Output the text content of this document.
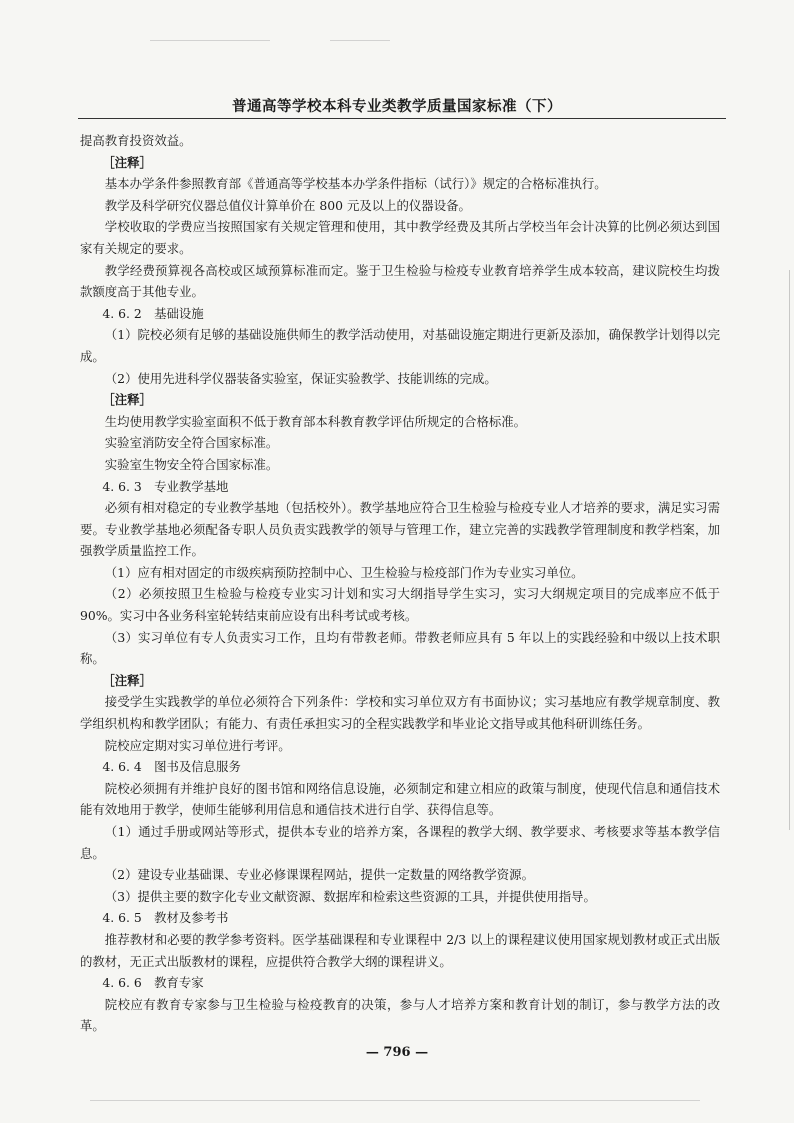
普通高等学校本科专业类教学质量国家标准（下）

提高教育投资效益。

［注释］

基本办学条件参照教育部《普通高等学校基本办学条件指标（试行）》规定的合格标准执行。

教学及科学研究仪器总值仪计算单价在 800 元及以上的仪器设备。

学校收取的学费应当按照国家有关规定管理和使用，其中教学经费及其所占学校当年会计决算的比例必须达到国家有关规定的要求。

教学经费预算视各高校或区域预算标准而定。鉴于卫生检验与检疫专业教育培养学生成本较高，建议院校生均拨款额度高于其他专业。

4. 6. 2　基础设施

（1）院校必须有足够的基础设施供师生的教学活动使用，对基础设施定期进行更新及添加，确保教学计划得以完成。

（2）使用先进科学仪器装备实验室，保证实验教学、技能训练的完成。

［注释］

生均使用教学实验室面积不低于教育部本科教育教学评估所规定的合格标准。

实验室消防安全符合国家标准。

实验室生物安全符合国家标准。

4. 6. 3　专业教学基地

必须有相对稳定的专业教学基地（包括校外）。教学基地应符合卫生检验与检疫专业人才培养的要求，满足实习需要。专业教学基地必须配备专职人员负责实践教学的领导与管理工作，建立完善的实践教学管理制度和教学档案，加强教学质量监控工作。

（1）应有相对固定的市级疾病预防控制中心、卫生检验与检疫部门作为专业实习单位。

（2）必须按照卫生检验与检疫专业实习计划和实习大纲指导学生实习，实习大纲规定项目的完成率应不低于 90%。实习中各业务科室轮转结束前应设有出科考试或考核。

（3）实习单位有专人负责实习工作，且均有带教老师。带教老师应具有 5 年以上的实践经验和中级以上技术职称。

［注释］

接受学生实践教学的单位必须符合下列条件：学校和实习单位双方有书面协议；实习基地应有教学规章制度、教学组织机构和教学团队；有能力、有责任承担实习的全程实践教学和毕业论文指导或其他科研训练任务。

院校应定期对实习单位进行考评。

4. 6. 4　图书及信息服务

院校必须拥有并维护良好的图书馆和网络信息设施，必须制定和建立相应的政策与制度，使现代信息和通信技术能有效地用于教学，使师生能够利用信息和通信技术进行自学、获得信息等。

（1）通过手册或网站等形式，提供本专业的培养方案，各课程的教学大纲、教学要求、考核要求等基本教学信息。

（2）建设专业基础课、专业必修课课程网站，提供一定数量的网络教学资源。

（3）提供主要的数字化专业文献资源、数据库和检索这些资源的工具，并提供使用指导。

4. 6. 5　教材及参考书

推荐教材和必要的教学参考资料。医学基础课程和专业课程中 2/3 以上的课程建议使用国家规划教材或正式出版的教材，无正式出版教材的课程，应提供符合教学大纲的课程讲义。

4. 6. 6　教育专家

院校应有教育专家参与卫生检验与检疫教育的决策，参与人才培养方案和教育计划的制订，参与教学方法的改革。

— 796 —
